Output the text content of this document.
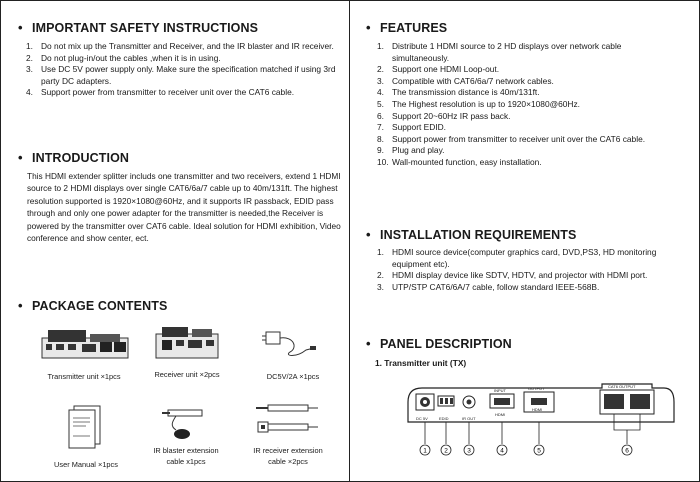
• IMPORTANT SAFETY INSTRUCTIONS
1. Do not mix up the Transmitter and Receiver, and the IR blaster and IR receiver.
2. Do not plug-in/out the cables ,when it is in using.
3. Use DC 5V power supply only. Make sure the specification matched if using 3rd party DC adapters.
4. Support power from transmitter to receiver unit over the CAT6 cable.
• INTRODUCTION
This HDMI extender splitter includs one transmitter and two receivers, extend 1 HDMI source to 2 HDMI displays over single CAT6/6a/7 cable up to 40m/131ft. The highest resolution supported is 1920×1080@60Hz, and it supports IR passback, EDID pass through and only one power adapter for the transmitter is needed,the Receiver is powered by the transmitter over CAT6 cable. Ideal solution for HDMI exhibition, Video conference and show center, ect.
• PACKAGE CONTENTS
Transmitter unit ×1pcs	Receiver unit ×2pcs	DC5V/2A ×1pcs
User Manual ×1pcs
IR blaster extension
cable x1pcs
IR receiver extension
cable ×2pcs
• FEATURES
1. Distribute 1 HDMI source to 2 HD displays over network cable simultaneously.
2. Support one HDMI Loop-out.
3. Compatible with CAT6/6a/7 network cables.
4. The transmission distance is 40m/131ft.
5. The Highest resolution is up to 1920×1080@60Hz.
6. Support 20~60Hz IR pass back.
7. Support EDID.
8. Support power from transmitter to receiver unit over the CAT6 cable.
9. Plug and play.
10. Wall-mounted function, easy installation.
• INSTALLATION REQUIREMENTS
1. HDMI source device(computer graphics card, DVD,PS3, HD monitoring equipment etc).
2. HDMI display device like SDTV, HDTV, and projector with HDMI port.
3. UTP/STP CAT6/6A/7 cable, follow standard IEEE-568B.
• PANEL DESCRIPTION
1. Transmitter unit (TX)
DC 5V	EDID	IR OUT
INPUT
HDMI
OUTPUT
HDMI
CAT6 OUTPUT
1	2	3	4	5	6
